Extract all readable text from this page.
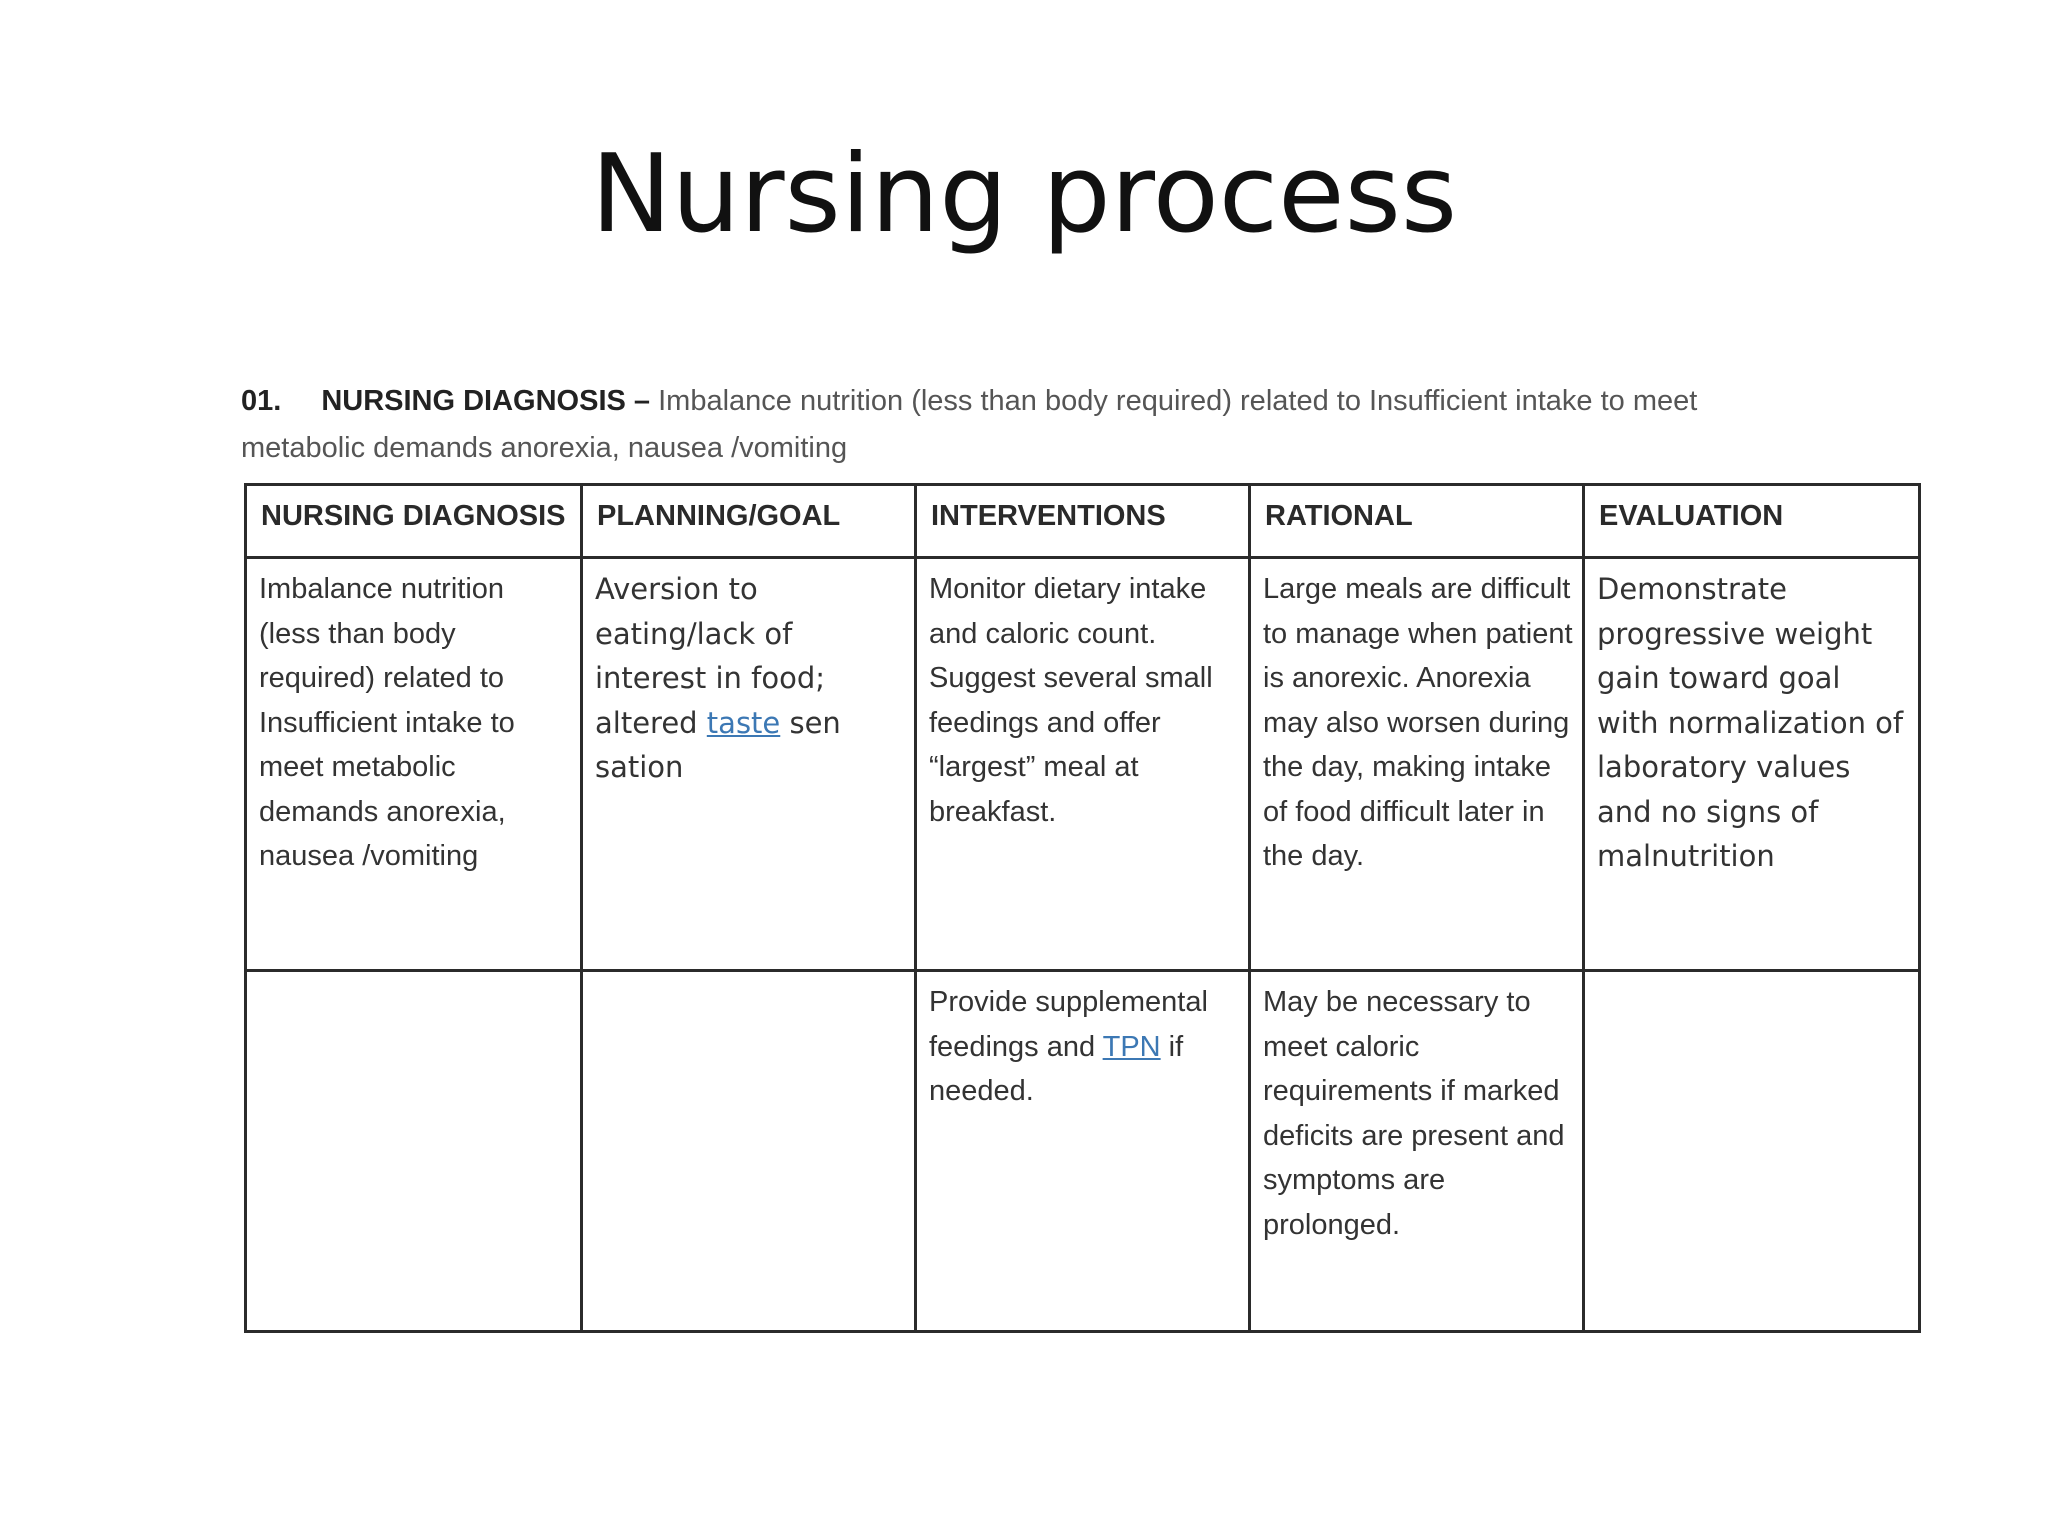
Nursing process
01. NURSING DIAGNOSIS – Imbalance nutrition (less than body required) related to Insufficient intake to meet metabolic demands anorexia, nausea /vomiting
NURSING DIAGNOSIS	PLANNING/GOAL	INTERVENTIONS	RATIONAL	EVALUATION
Imbalance nutrition (less than body required) related to Insufficient intake to meet metabolic demands anorexia, nausea /vomiting	Aversion to eating/lack of interest in food; altered taste sen sation	Monitor dietary intake and caloric count. Suggest several small feedings and offer “largest” meal at breakfast.	Large meals are difficult to manage when patient is anorexic. Anorexia may also worsen during the day, making intake of food difficult later in the day.	Demonstrate progressive weight gain toward goal with normalization of laboratory values and no signs of malnutrition
		Provide supplemental feedings and TPN if needed.	May be necessary to meet caloric requirements if marked deficits are present and symptoms are prolonged.	
